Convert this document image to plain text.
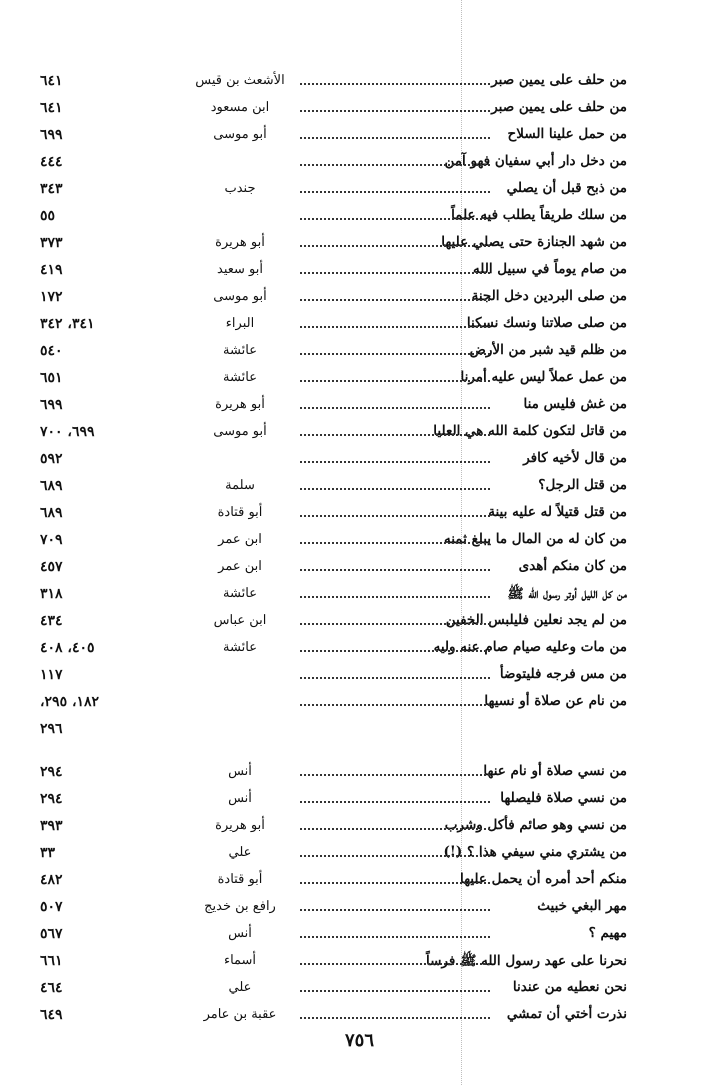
من حلف على يمين صبر
الأشعث بن قيس
٦٤١
من حلف على يمين صبر
ابن مسعود
٦٤١
من حمل علينا السلاح
أبو موسى
٦٩٩
من دخل دار أبي سفيان فهو آمن
٤٤٤
من ذبح قبل أن يصلي
جندب
٣٤٣
من سلك طريقاً يطلب فيه علماً
٥٥
من شهد الجنازة حتى يصلي عليها
أبو هريرة
٣٧٣
من صام يوماً في سبيل الله
أبو سعيد
٤١٩
من صلى البردين دخل الجنة
أبو موسى
١٧٢
من صلى صلاتنا ونسك نسكنا
البراء
٣٤١، ٣٤٢
من ظلم قيد شبر من الأرض
عائشة
٥٤٠
من عمل عملاً ليس عليه أمرنا
عائشة
٦٥١
من غش فليس منا
أبو هريرة
٦٩٩
من قاتل لتكون كلمة الله هي العليا
أبو موسى
٦٩٩، ٧٠٠
من قال لأخيه كافر
٥٩٢
من قتل الرجل؟
سلمة
٦٨٩
من قتل قتيلاً له عليه بينة
أبو قتادة
٦٨٩
من كان له من المال ما يبلغ ثمنه
ابن عمر
٧٠٩
من كان منكم أهدى
ابن عمر
٤٥٧
من كل الليل أوتر رسول الله ﷺ
عائشة
٣١٨
من لم يجد نعلين فليلبس الخفين
ابن عباس
٤٣٤
من مات وعليه صيام صام عنه وليه
عائشة
٤٠٥، ٤٠٨
من مس فرجه فليتوضأ
١١٧
من نام عن صلاة أو نسيها
١٨٢، ٢٩٥،
٢٩٦
من نسي صلاة أو نام عنها
أنس
٢٩٤
من نسي صلاة فليصلها
أنس
٢٩٤
من نسي وهو صائم فأكل وشرب
أبو هريرة
٣٩٣
من يشتري مني سيفي هذا ؟ (!)
علي
٣٣
منكم أحد أمره أن يحمل عليها
أبو قتادة
٤٨٢
مهر البغي خبيث
رافع بن خديج
٥٠٧
مهيم ؟
أنس
٥٦٧
نحرنا على عهد رسول الله ﷺ فرساً
أسماء
٦٦١
نحن نعطيه من عندنا
علي
٤٦٤
نذرت أختي أن تمشي
عقبة بن عامر
٦٤٩
٧٥٦
